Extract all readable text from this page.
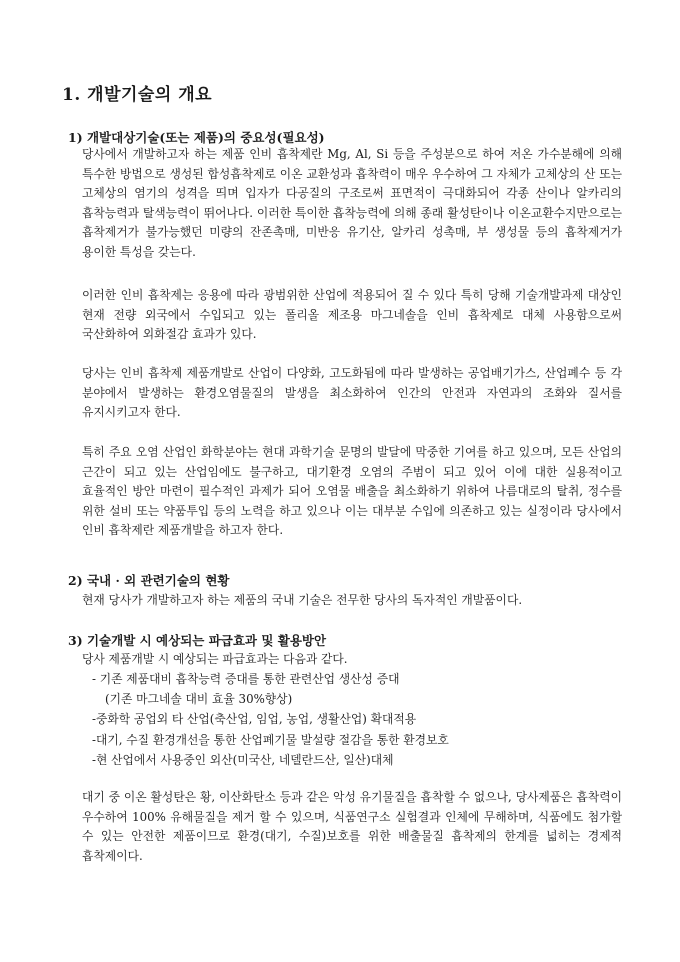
1. 개발기술의 개요
1) 개발대상기술(또는 제품)의 중요성(필요성)
당사에서 개발하고자 하는 제품 인비 흡착제란 Mg, Al, Si 등을 주성분으로 하여 저온 가수분해에 의해 특수한 방법으로 생성된 합성흡착제로 이온 교환성과 흡착력이 매우 우수하여 그 자체가 고체상의 산 또는 고체상의 염기의 성격을 띄며 입자가 다공질의 구조로써 표면적이 극대화되어 각종 산이나 알카리의 흡착능력과 탈색능력이 뛰어나다. 이러한 특이한 흡착능력에 의해 종래 활성탄이나 이온교환수지만으로는 흡착제거가 불가능했던 미량의 잔존촉매, 미반응 유기산, 알카리 성촉매, 부 생성물 등의 흡착제거가 용이한 특성을 갖는다.
이러한 인비 흡착제는 응용에 따라 광범위한 산업에 적용되어 질 수 있다 특히 당해 기술개발과제 대상인 현재 전량 외국에서 수입되고 있는 폴리올 제조용 마그네솔을 인비 흡착제로 대체 사용함으로써 국산화하여 외화절감 효과가 있다.
당사는 인비 흡착제 제품개발로 산업이 다양화, 고도화됨에 따라 발생하는 공업배기가스, 산업폐수 등 각 분야에서 발생하는 환경오염물질의 발생을 최소화하여 인간의 안전과 자연과의 조화와 질서를 유지시키고자 한다.
특히 주요 오염 산업인 화학분야는 현대 과학기술 문명의 발달에 막중한 기여를 하고 있으며, 모든 산업의 근간이 되고 있는 산업임에도 불구하고, 대기환경 오염의 주범이 되고 있어 이에 대한 실용적이고 효율적인 방안 마련이 필수적인 과제가 되어 오염물 배출을 최소화하기 위하여 나름대로의 탈취, 정수를 위한 설비 또는 약품투입 등의 노력을 하고 있으나 이는 대부분 수입에 의존하고 있는 실정이라 당사에서 인비 흡착제란 제품개발을 하고자 한다.
2) 국내 · 외 관련기술의 현황
현재 당사가 개발하고자 하는 제품의 국내 기술은 전무한 당사의 독자적인 개발품이다.
3) 기술개발 시 예상되는 파급효과 및 활용방안
당사 제품개발 시 예상되는 파급효과는 다음과 같다.
- 기존 제품대비 흡착능력 증대를 통한 관련산업 생산성 증대
(기존 마그네솔 대비 효율 30%향상)
-중화학 공업외 타 산업(축산업, 임업, 농업, 생활산업) 확대적용
-대기, 수질 환경개선을 통한 산업폐기물 발설량 절감을 통한 환경보호
-현 산업에서 사용중인 외산(미국산, 네델란드산, 일산)대체
대기 중 이온 활성탄은 황, 이산화탄소 등과 같은 악성 유기물질을 흡착할 수 없으나, 당사제품은 흡착력이 우수하여 100% 유해물질을 제거 할 수 있으며, 식품연구소 실험결과 인체에 무해하며, 식품에도 첨가할 수 있는 안전한 제품이므로 환경(대기, 수질)보호를 위한 배출물질 흡착제의 한계를 넓히는 경제적 흡착제이다.
